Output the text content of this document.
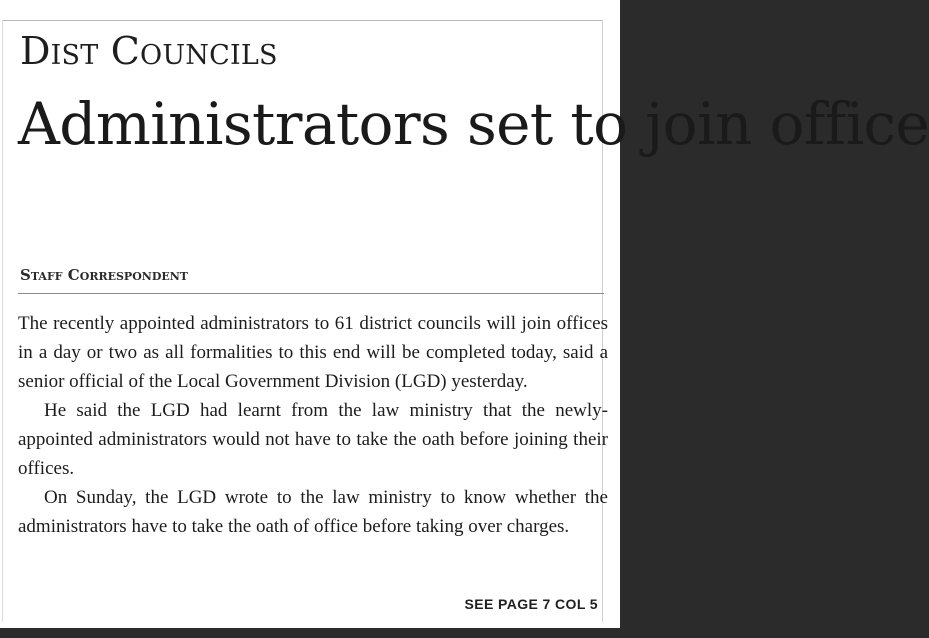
Dist Councils
Administrators set to join office
Staff Correspondent

The recently appointed administrators to 61 district councils will join offices in a day or two as all formalities to this end will be completed today, said a senior official of the Local Government Division (LGD) yesterday.

He said the LGD had learnt from the law ministry that the newly-appointed administrators would not have to take the oath before joining their offices.

On Sunday, the LGD wrote to the law ministry to know whether the administrators have to take the oath of office before taking over charges.

SEE PAGE 7 COL 5
